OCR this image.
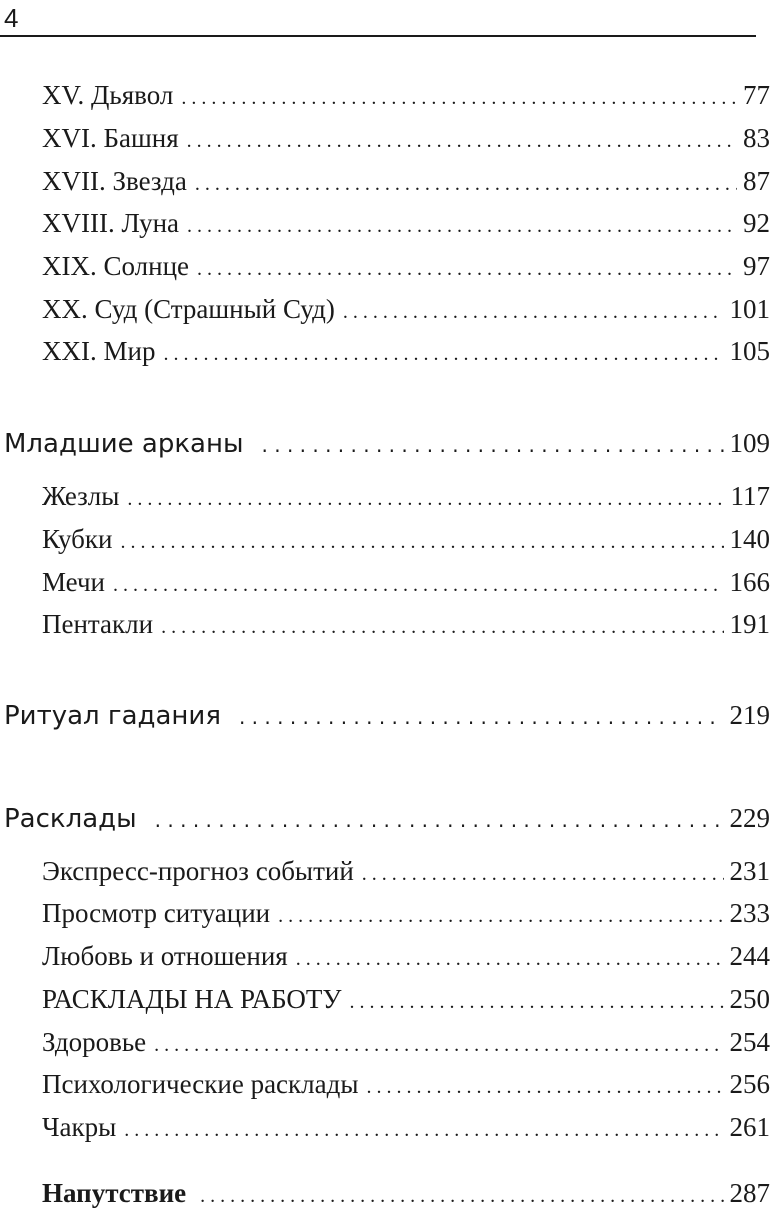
4
XV. Дьявол . . .	77
XVI. Башня . . .	83
XVII. Звезда . . .	87
XVIII. Луна . . .	92
XIX. Солнце . . .	97
XX. Суд (Страшный Суд) . . .	101
XXI. Мир . . .	105
Младшие арканы . . .	109
Жезлы . . .	117
Кубки . . .	140
Мечи . . .	166
Пентакли . . .	191
Ритуал гадания . . .	219
Расклады . . .	229
Экспресс-прогноз событий . . .	231
Просмотр ситуации . . .	233
Любовь и отношения . . .	244
РАСКЛАДЫ НА РАБОТУ . . .	250
Здоровье . . .	254
Психологические расклады . . .	256
Чакры . . .	261
Напутствие . . .	287
